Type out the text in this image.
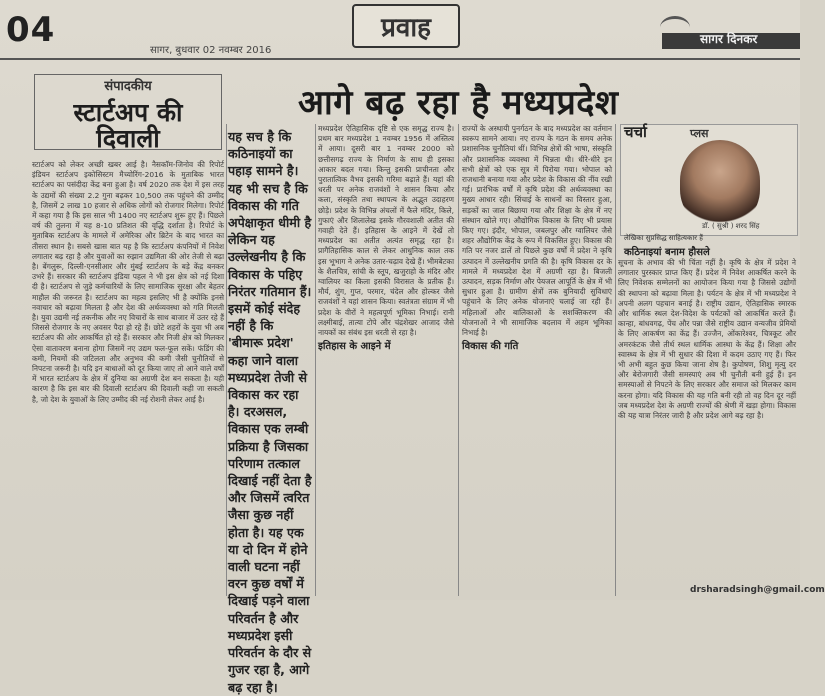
04
सागर, बुधवार 02 नवम्बर 2016
प्रवाह	सागर दिनकर
संपादकीय
स्टार्टअप की दिवाली
आगे बढ़ रहा है मध्यप्रदेश
स्टार्टअप को लेकर अच्छी खबर आई है। नैसकॉम-जिनोव की रिपोर्ट इंडियन स्टार्टअप इकोसिस्टम मैच्योरिंग-2016 के मुताबिक भारत स्टार्टअप का पसंदीदा केंद्र बना हुआ है। वर्ष 2020 तक देश में इस तरह के उद्यमों की संख्या 2.2 गुना बढ़कर 10,500 तक पहुंचने की उम्मीद है, जिसमें 2 लाख 10 हजार से अधिक लोगों को रोजगार मिलेगा। रिपोर्ट में कहा गया है कि इस साल भी 1400 नए स्टार्टअप शुरू हुए हैं। पिछले वर्ष की तुलना में यह 8-10 प्रतिशत की वृद्धि दर्शाता है। रिपोर्ट के मुताबिक स्टार्टअप के मामले में अमेरिका और ब्रिटेन के बाद भारत का तीसरा स्थान है। सबसे खास बात यह है कि स्टार्टअप कंपनियों में निवेश लगातार बढ़ रहा है और युवाओं का रुझान उद्यमिता की ओर तेजी से बढ़ा है। बेंगलुरू, दिल्ली-एनसीआर और मुंबई स्टार्टअप के बड़े केंद्र बनकर उभरे हैं। सरकार की स्टार्टअप इंडिया पहल ने भी इस क्षेत्र को नई दिशा दी है। स्टार्टअप से जुड़े कर्मचारियों के लिए सामाजिक सुरक्षा और बेहतर माहौल की जरूरत है। स्टार्टअप का महत्व इसलिए भी है क्योंकि इनसे नवाचार को बढ़ावा मिलता है और देश की अर्थव्यवस्था को गति मिलती है। युवा उद्यमी नई तकनीक और नए विचारों के साथ बाजार में उतर रहे हैं जिससे रोजगार के नए अवसर पैदा हो रहे हैं। छोटे शहरों के युवा भी अब स्टार्टअप की ओर आकर्षित हो रहे हैं। सरकार और निजी क्षेत्र को मिलकर ऐसा वातावरण बनाना होगा जिसमें नए उद्यम फल-फूल सकें। फंडिंग की कमी, नियमों की जटिलता और अनुभव की कमी जैसी चुनौतियों से निपटना जरूरी है। यदि इन बाधाओं को दूर किया जाए तो आने वाले वर्षों में भारत स्टार्टअप के क्षेत्र में दुनिया का अग्रणी देश बन सकता है। यही कारण है कि इस बार की दिवाली स्टार्टअप की दिवाली कही जा सकती है, जो देश के युवाओं के लिए उम्मीद की नई रोशनी लेकर आई है।
यह सच है कि कठिनाइयों का पहाड़ सामने है। यह भी सच है कि विकास की गति अपेक्षाकृत धीमी है लेकिन यह उल्लेखनीय है कि विकास के पहिए निरंतर गतिमान हैं। इसमें कोई संदेह नहीं है कि 'बीमारू प्रदेश' कहा जाने वाला मध्यप्रदेश तेजी से विकास कर रहा है। दरअसल, विकास एक लम्बी प्रक्रिया है जिसका परिणाम तत्काल दिखाई नहीं देता है और जिसमें त्वरित जैसा कुछ नहीं होता है। यह एक या दो दिन में होने वाली घटना नहीं वरन कुछ वर्षों में दिखाई पड़ने वाला परिवर्तन है और मध्यप्रदेश इसी परिवर्तन के दौर से गुजर रहा है, आगे बढ़ रहा है।
मध्यप्रदेश ऐतिहासिक दृष्टि से एक समृद्ध राज्य है। प्रथम बार मध्यप्रदेश 1 नवम्बर 1956 में अस्तित्व में आया। दूसरी बार 1 नवम्बर 2000 को छत्तीसगढ़ राज्य के निर्माण के साथ ही इसका आकार बदल गया। किन्तु इसकी प्राचीनता और पुरातात्विक वैभव इसकी गरिमा बढ़ाते हैं। यहां की धरती पर अनेक राजवंशों ने शासन किया और कला, संस्कृति तथा स्थापत्य के अद्भुत उदाहरण छोड़े। प्रदेश के विभिन्न अंचलों में फैले मंदिर, किले, गुफाएं और शिलालेख इसके गौरवशाली अतीत की गवाही देते हैं। इतिहास के आइने में देखें तो मध्यप्रदेश का अतीत अत्यंत समृद्ध रहा है। प्रागैतिहासिक काल से लेकर आधुनिक काल तक इस भूभाग ने अनेक उतार-चढ़ाव देखे हैं। भीमबेटका के शैलचित्र, सांची के स्तूप, खजुराहो के मंदिर और ग्वालियर का किला इसकी विरासत के प्रतीक हैं। मौर्य, शुंग, गुप्त, परमार, चंदेल और होल्कर जैसे राजवंशों ने यहां शासन किया। स्वतंत्रता संग्राम में भी प्रदेश के वीरों ने महत्वपूर्ण भूमिका निभाई। रानी लक्ष्मीबाई, तात्या टोपे और चंद्रशेखर आजाद जैसे नायकों का संबंध इस धरती से रहा है।
इतिहास के आइने में
राज्यों के अस्थायी पुनर्गठन के बाद मध्यप्रदेश का वर्तमान स्वरूप सामने आया। नए राज्य के गठन के समय अनेक प्रशासनिक चुनौतियां थीं। विभिन्न क्षेत्रों की भाषा, संस्कृति और प्रशासनिक व्यवस्था में भिन्नता थी। धीरे-धीरे इन सभी क्षेत्रों को एक सूत्र में पिरोया गया। भोपाल को राजधानी बनाया गया और प्रदेश के विकास की नींव रखी गई। प्रारंभिक वर्षों में कृषि प्रदेश की अर्थव्यवस्था का मुख्य आधार रही। सिंचाई के साधनों का विस्तार हुआ, सड़कों का जाल बिछाया गया और शिक्षा के क्षेत्र में नए संस्थान खोले गए। औद्योगिक विकास के लिए भी प्रयास किए गए। इंदौर, भोपाल, जबलपुर और ग्वालियर जैसे शहर औद्योगिक केंद्र के रूप में विकसित हुए। विकास की गति पर नजर डालें तो पिछले कुछ वर्षों में प्रदेश ने कृषि उत्पादन में उल्लेखनीय प्रगति की है। कृषि विकास दर के मामले में मध्यप्रदेश देश में अग्रणी रहा है। बिजली उत्पादन, सड़क निर्माण और पेयजल आपूर्ति के क्षेत्र में भी सुधार हुआ है। ग्रामीण क्षेत्रों तक बुनियादी सुविधाएं पहुंचाने के लिए अनेक योजनाएं चलाई जा रही हैं। महिलाओं और बालिकाओं के सशक्तिकरण की योजनाओं ने भी सामाजिक बदलाव में अहम भूमिका निभाई है।
विकास की गति
चर्चा	प्लस
डॉ. ( सुश्री ) शरद सिंह
लेखिका सुप्रसिद्ध साहित्यकार हैं
कठिनाइयां बनाम हौसले
सूचना के अभाव की भी चिंता नहीं है। कृषि के क्षेत्र में प्रदेश ने लगातार पुरस्कार प्राप्त किए हैं। प्रदेश में निवेश आकर्षित करने के लिए निवेशक सम्मेलनों का आयोजन किया गया है जिससे उद्योगों की स्थापना को बढ़ावा मिला है। पर्यटन के क्षेत्र में भी मध्यप्रदेश ने अपनी अलग पहचान बनाई है। राष्ट्रीय उद्यान, ऐतिहासिक स्मारक और धार्मिक स्थल देश-विदेश के पर्यटकों को आकर्षित करते हैं। कान्हा, बांधवगढ़, पेंच और पन्ना जैसे राष्ट्रीय उद्यान वन्यजीव प्रेमियों के लिए आकर्षण का केंद्र हैं। उज्जैन, ओंकारेश्वर, चित्रकूट और अमरकंटक जैसे तीर्थ स्थल धार्मिक आस्था के केंद्र हैं। शिक्षा और स्वास्थ्य के क्षेत्र में भी सुधार की दिशा में कदम उठाए गए हैं। फिर भी अभी बहुत कुछ किया जाना शेष है। कुपोषण, शिशु मृत्यु दर और बेरोजगारी जैसी समस्याएं अब भी चुनौती बनी हुई हैं। इन समस्याओं से निपटने के लिए सरकार और समाज को मिलकर काम करना होगा। यदि विकास की यह गति बनी रही तो वह दिन दूर नहीं जब मध्यप्रदेश देश के अग्रणी राज्यों की श्रेणी में खड़ा होगा। विकास की यह यात्रा निरंतर जारी है और प्रदेश आगे बढ़ रहा है।
drsharadsingh@gmail.com
